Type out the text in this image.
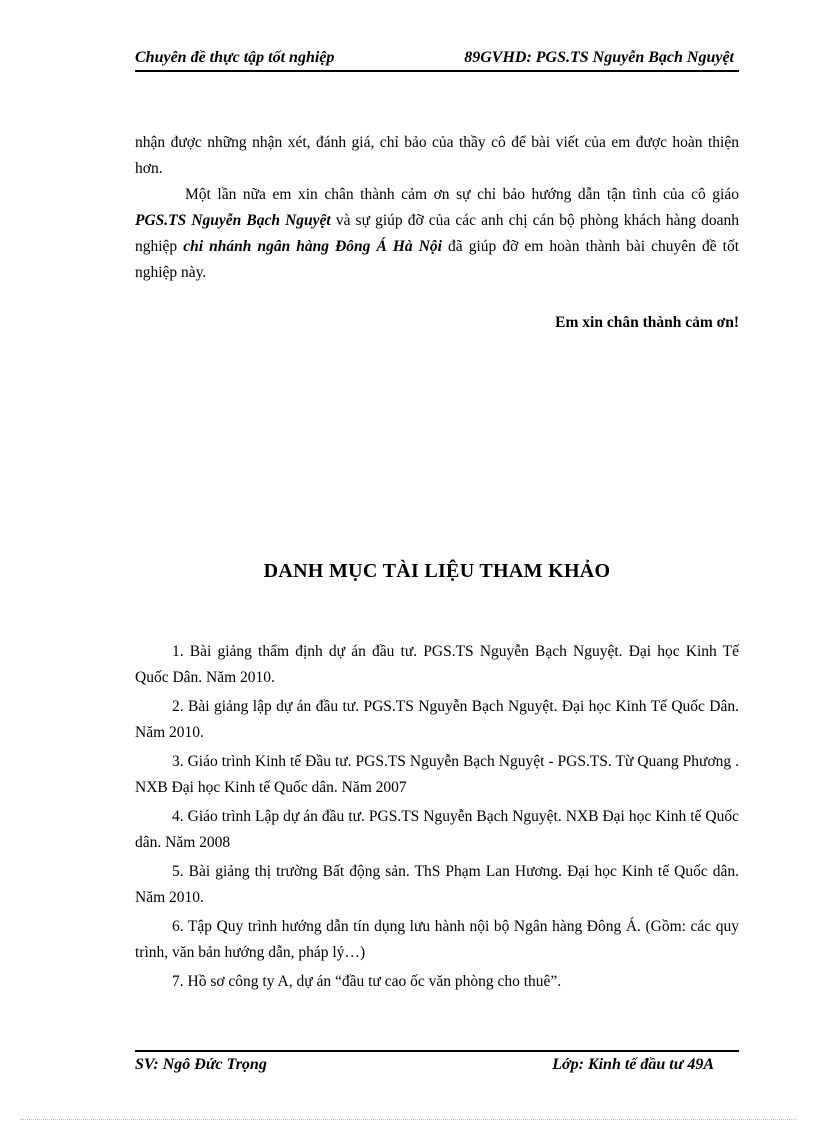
Chuyên đề thực tập tốt nghiệp	89GVHD: PGS.TS Nguyễn Bạch Nguyệt
nhận được những nhận xét, đánh giá, chỉ bảo của thầy cô để bài viết của em được hoàn thiện hơn.
Một lần nữa em xin chân thành cảm ơn sự chỉ bảo hướng dẫn tận tình của cô giáo PGS.TS Nguyễn Bạch Nguyệt và sự giúp đỡ của các anh chị cán bộ phòng khách hàng doanh nghiệp chi nhánh ngân hàng Đông Á Hà Nội đã giúp đỡ em hoàn thành bài chuyên đề tốt nghiệp này.
Em xin chân thành cảm ơn!
DANH MỤC TÀI LIỆU THAM KHẢO
1. Bài giảng thẩm định dự án đầu tư. PGS.TS Nguyễn Bạch Nguyệt. Đại học Kinh Tế Quốc Dân. Năm 2010.
2. Bài giảng lập dự án đầu tư. PGS.TS Nguyễn Bạch Nguyệt. Đại học Kinh Tế Quốc Dân. Năm 2010.
3. Giáo trình Kinh tế Đầu tư. PGS.TS Nguyễn Bạch Nguyệt - PGS.TS. Từ Quang Phương . NXB Đại học Kinh tế Quốc dân. Năm 2007
4. Giáo trình Lập dự án đầu tư. PGS.TS Nguyễn Bạch Nguyệt. NXB Đại học Kinh tế Quốc dân. Năm 2008
5. Bài giảng thị trường Bất động sản. ThS Phạm Lan Hương. Đại học Kinh tế Quốc dân. Năm 2010.
6. Tập Quy trình hướng dẫn tín dụng lưu hành nội bộ Ngân hàng Đông Á. (Gồm: các quy trình, văn bản hướng dẫn, pháp lý…)
7. Hồ sơ công ty A, dự án “đầu tư cao ốc văn phòng cho thuê”.
SV: Ngô Đức Trọng	Lớp: Kinh tế đầu tư 49A
